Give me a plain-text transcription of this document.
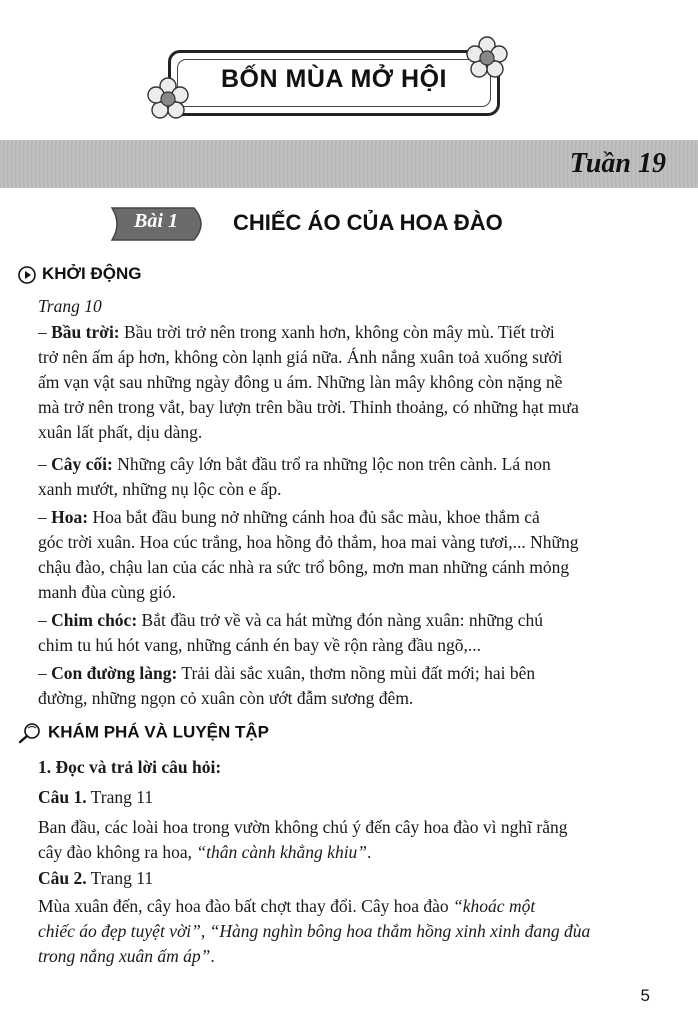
BỐN MÙA MỞ HỘI
Tuần 19
Bài 1	CHIẾC ÁO CỦA HOA ĐÀO
KHỞI ĐỘNG
Trang 10
– Bầu trời: Bầu trời trở nên trong xanh hơn, không còn mây mù. Tiết trời
trở nên ấm áp hơn, không còn lạnh giá nữa. Ánh nắng xuân toả xuống sưởi
ấm vạn vật sau những ngày đông u ám. Những làn mây không còn nặng nề
mà trở nên trong vắt, bay lượn trên bầu trời. Thỉnh thoảng, có những hạt mưa
xuân lất phất, dịu dàng.
– Cây cối: Những cây lớn bắt đầu trổ ra những lộc non trên cành. Lá non
xanh mướt, những nụ lộc còn e ấp.
– Hoa: Hoa bắt đầu bung nở những cánh hoa đủ sắc màu, khoe thắm cả
góc trời xuân. Hoa cúc trắng, hoa hồng đỏ thắm, hoa mai vàng tươi,... Những
chậu đào, chậu lan của các nhà ra sức trổ bông, mơn man những cánh mỏng
manh đùa cùng gió.
– Chim chóc: Bắt đầu trở về và ca hát mừng đón nàng xuân: những chú
chim tu hú hót vang, những cánh én bay về rộn ràng đầu ngõ,...
– Con đường làng: Trải dài sắc xuân, thơm nồng mùi đất mới; hai bên
đường, những ngọn cỏ xuân còn ướt đẫm sương đêm.
KHÁM PHÁ VÀ LUYỆN TẬP
1. Đọc và trả lời câu hỏi:
Câu 1. Trang 11
Ban đầu, các loài hoa trong vườn không chú ý đến cây hoa đào vì nghĩ rằng
cây đào không ra hoa, “thân cành khẳng khiu”.
Câu 2. Trang 11
Mùa xuân đến, cây hoa đào bất chợt thay đổi. Cây hoa đào “khoác một
chiếc áo đẹp tuyệt vời”, “Hàng nghìn bông hoa thắm hồng xinh xinh đang đùa
trong nắng xuân ấm áp”.
5
